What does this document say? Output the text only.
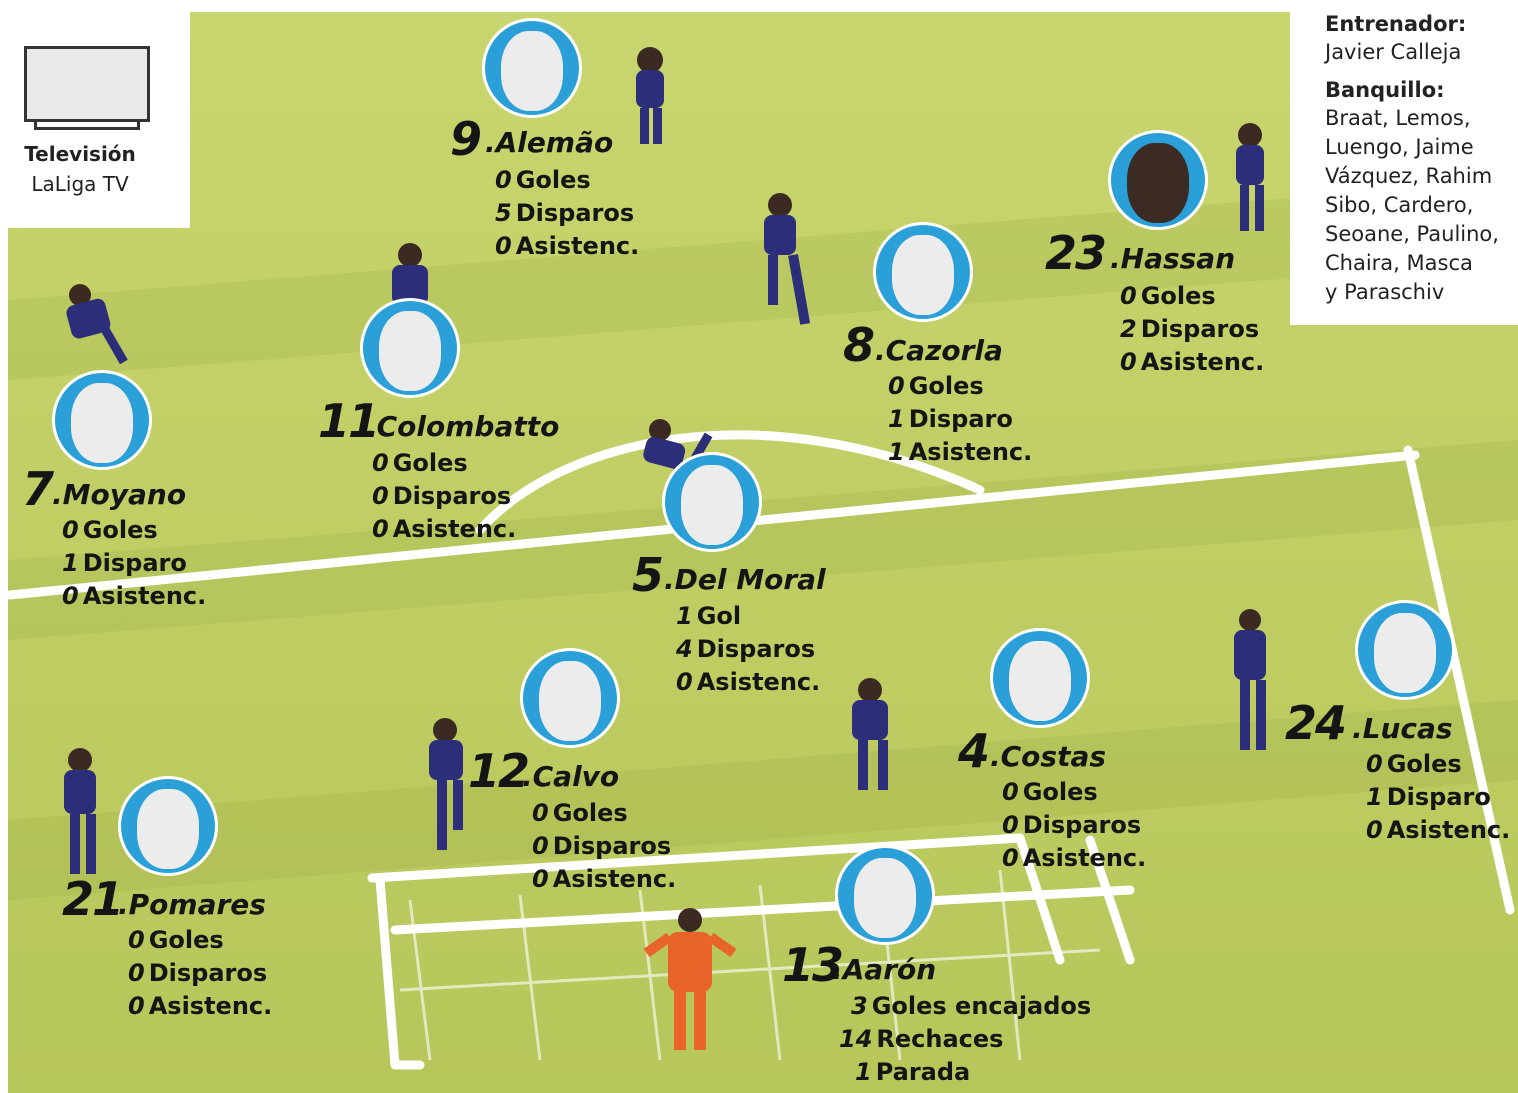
Televisión
LaLiga TV
Entrenador:
Javier Calleja
Banquillo:
Braat, Lemos,
Luengo, Jaime
Vázquez, Rahim
Sibo, Cardero,
Seoane, Paulino,
Chaira, Masca
y Paraschiv
9 .Alemão
0 Goles
5 Disparos
0 Asistenc.	23 .Hassan
0 Goles
2 Disparos
0 Asistenc.
8 .Cazorla
0 Goles
1 Disparo
1 Asistenc.
11
.Colombatto
0 Goles
0 Disparos
0 Asistenc.
7 .Moyano
0 Goles
1 Disparo
0 Asistenc.	5 .Del Moral
1 Gol
4 Disparos
0 Asistenc.
12
.Calvo
0 Goles
0 Disparos
0 Asistenc.
4 .Costas
0 Goles
0 Disparos
0 Asistenc.
24 .Lucas
0 Goles
1 Disparo
0 Asistenc.
21
.Pomares
0 Goles
0 Disparos
0 Asistenc.
13
.Aarón
3 Goles encajados
14 Rechaces
1 Parada
